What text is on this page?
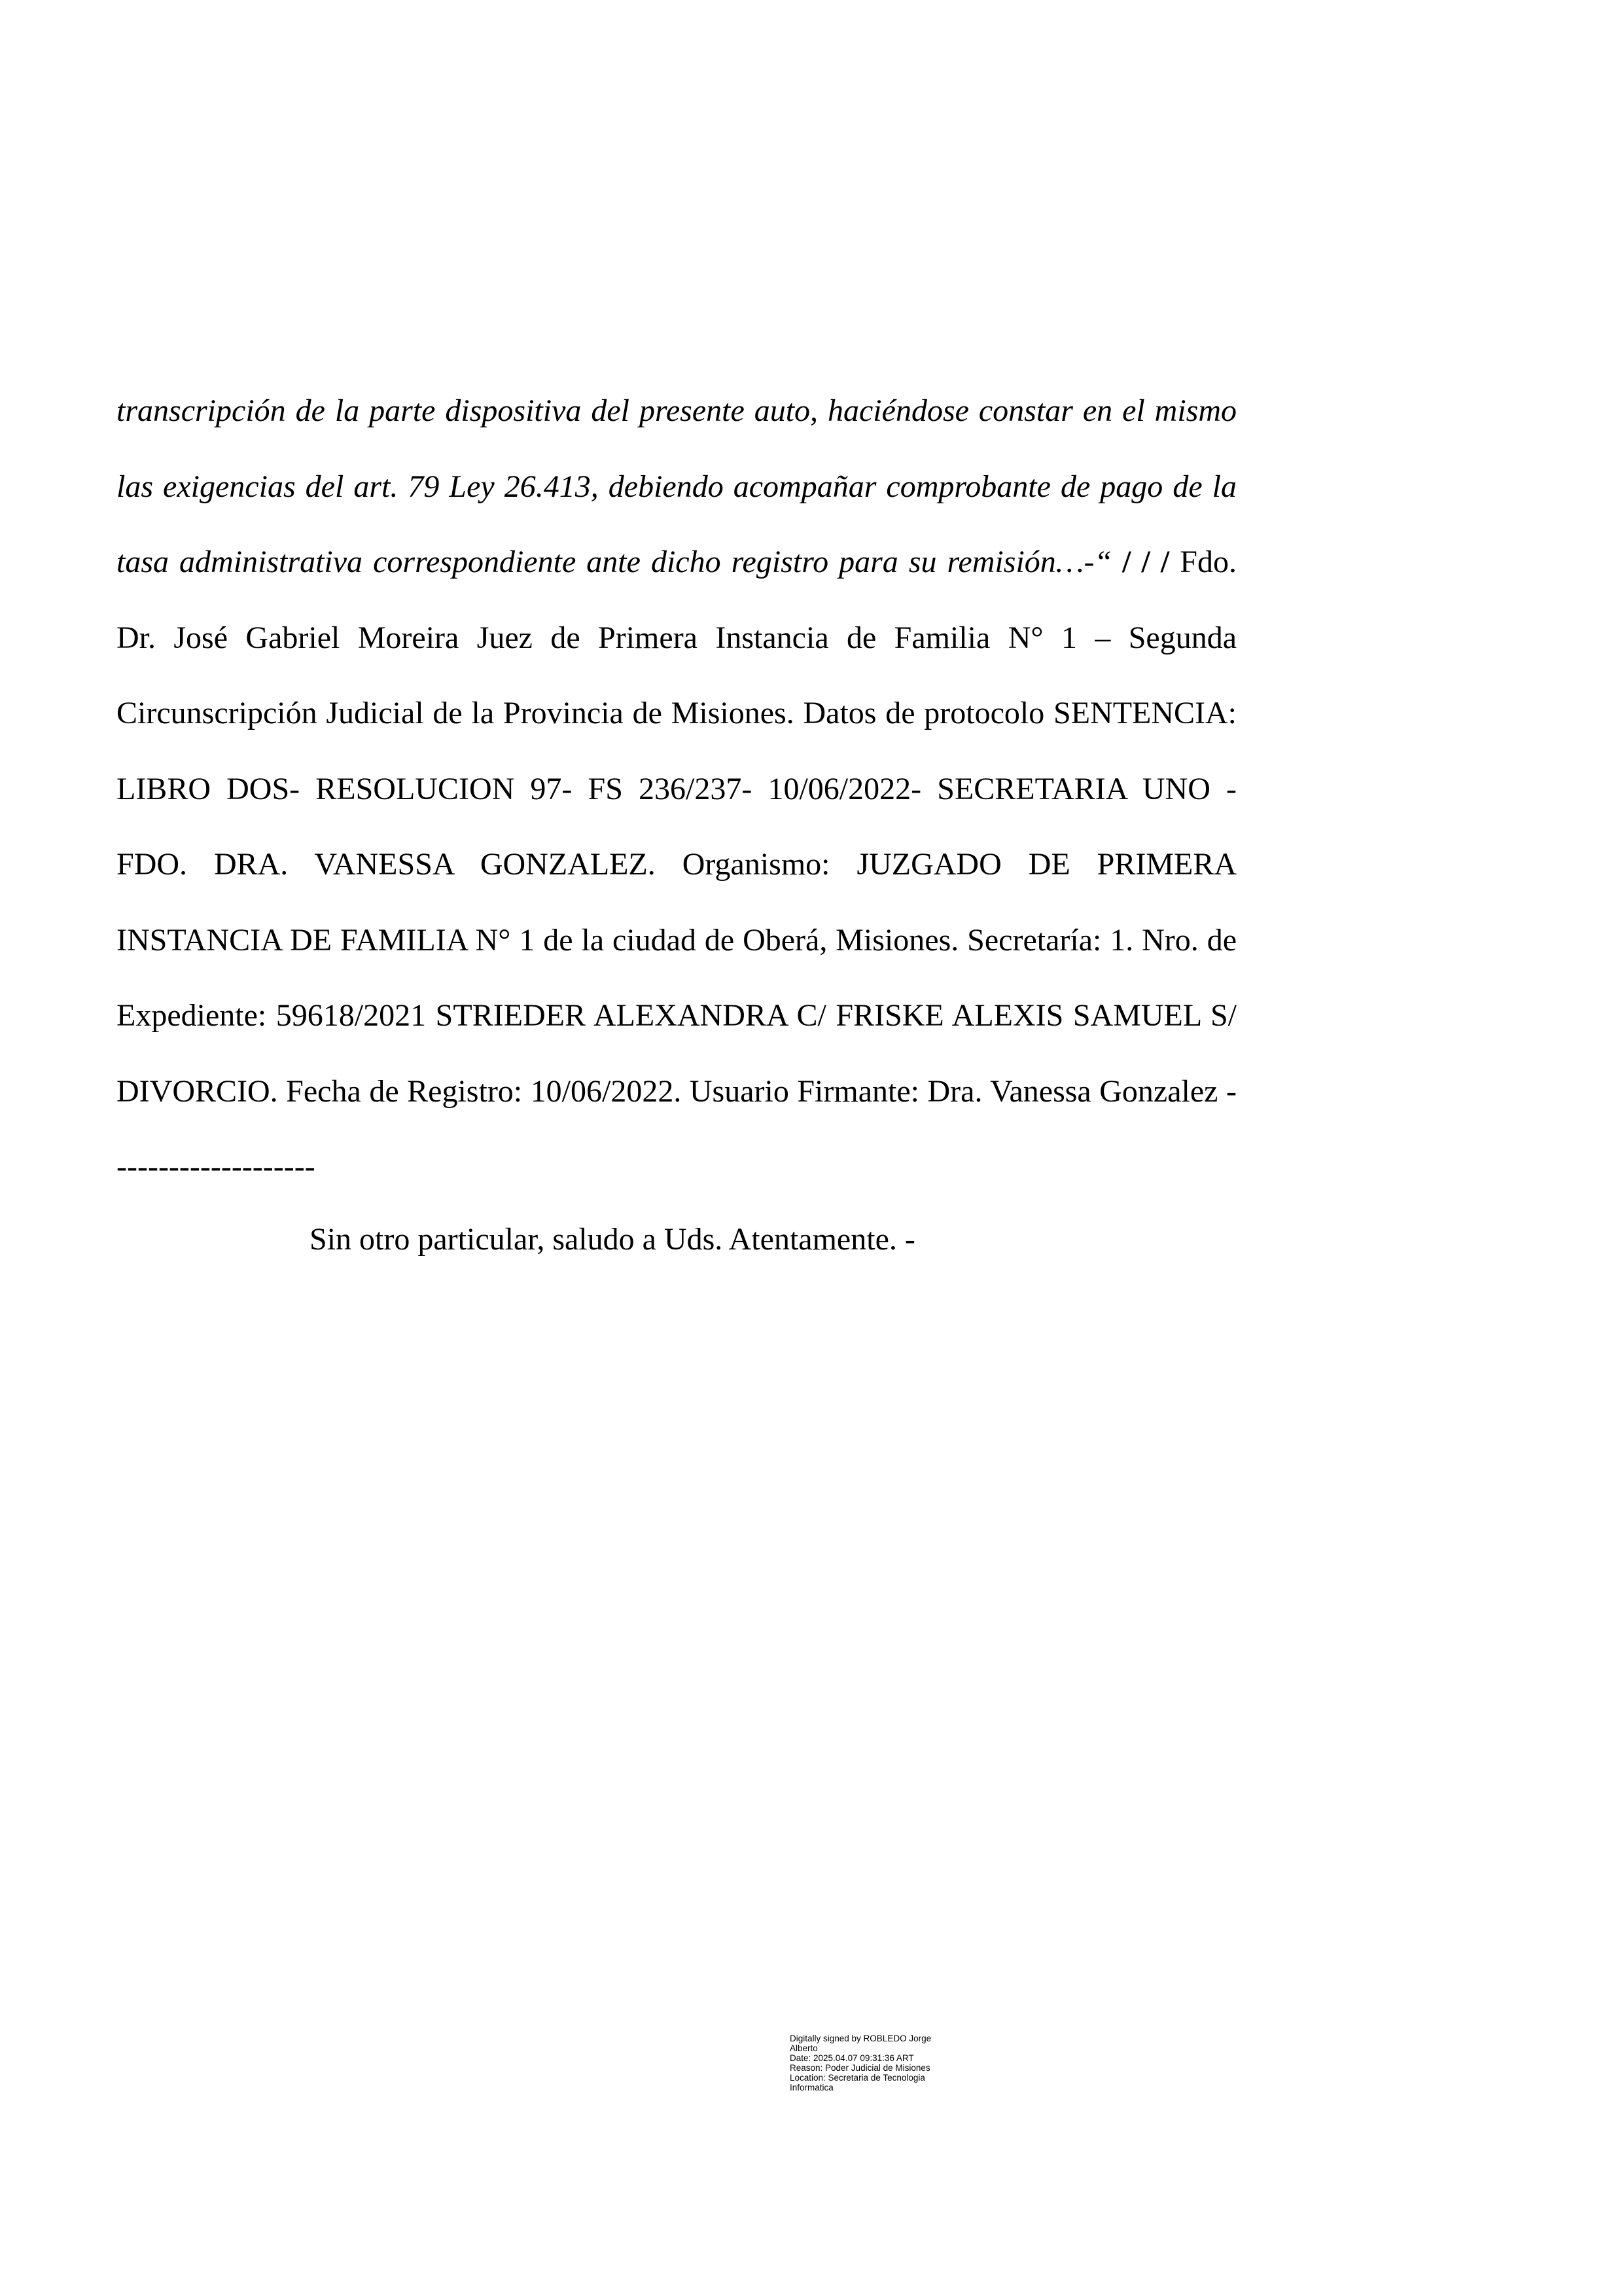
transcripción de la parte dispositiva del presente auto, haciéndose constar en el mismo las exigencias del art. 79 Ley 26.413, debiendo acompañar comprobante de pago de la tasa administrativa correspondiente ante dicho registro para su remisión…-“ / / / Fdo. Dr. José Gabriel Moreira Juez de Primera Instancia de Familia N° 1 – Segunda Circunscripción Judicial de la Provincia de Misiones. Datos de protocolo SENTENCIA: LIBRO DOS- RESOLUCION 97- FS 236/237- 10/06/2022- SECRETARIA UNO - FDO. DRA. VANESSA GONZALEZ. Organismo: JUZGADO DE PRIMERA INSTANCIA DE FAMILIA N° 1 de la ciudad de Oberá, Misiones. Secretaría: 1. Nro. de Expediente: 59618/2021 STRIEDER ALEXANDRA C/ FRISKE ALEXIS SAMUEL S/ DIVORCIO. Fecha de Registro: 10/06/2022. Usuario Firmante: Dra. Vanessa Gonzalez --------------------

Sin otro particular, saludo a Uds. Atentamente. -

Digitally signed by ROBLEDO Jorge
Alberto
Date: 2025.04.07 09:31:36 ART
Reason: Poder Judicial de Misiones
Location: Secretaria de Tecnologia
Informatica
